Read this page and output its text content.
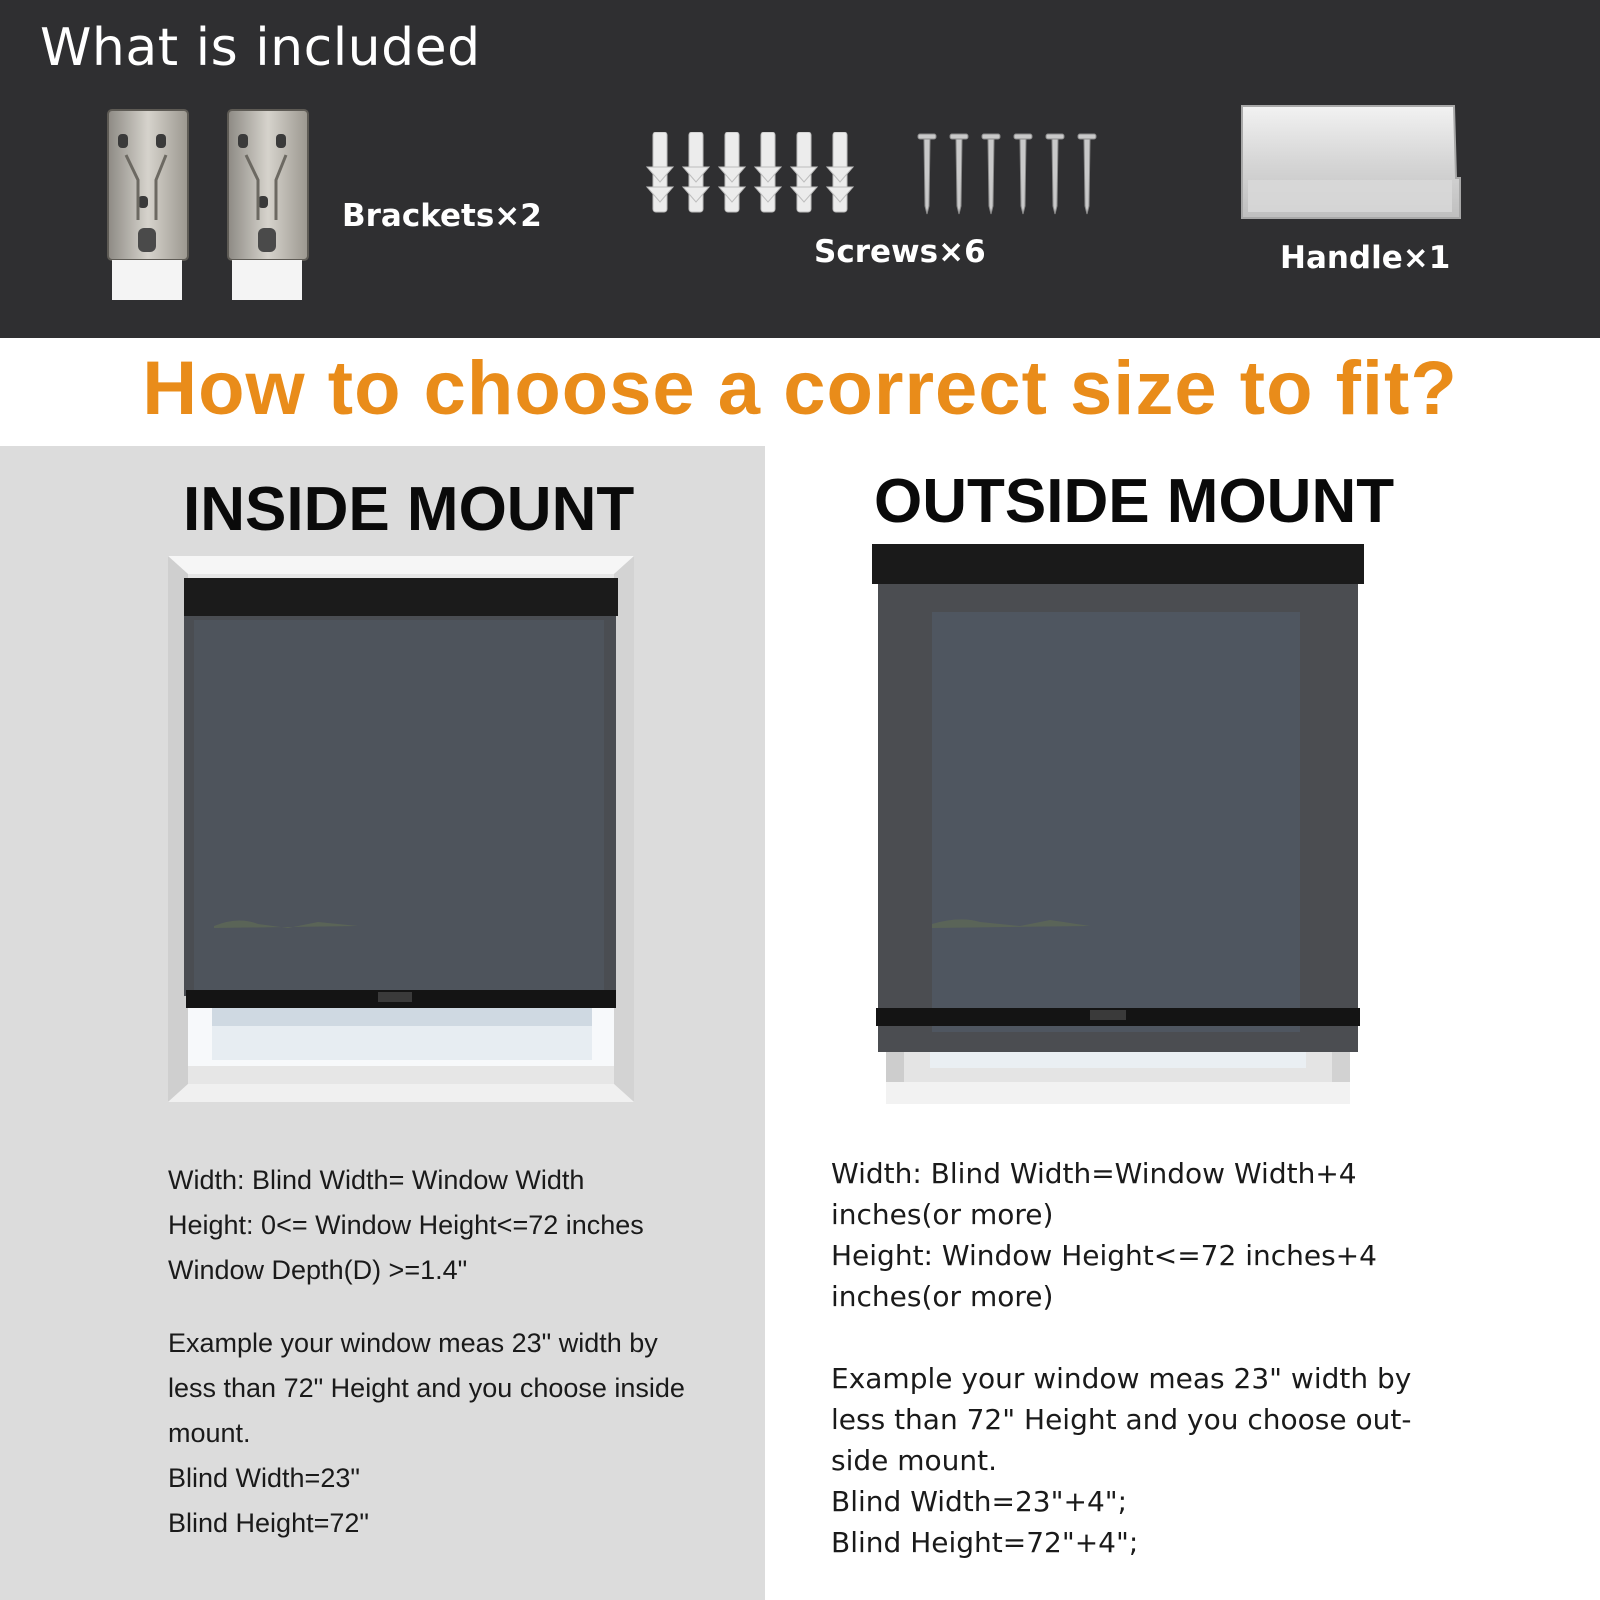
What is included
Brackets×2
Screws×6	Handle×1
How to choose a correct size to fit?
INSIDE MOUNT
Width: Blind Width= Window Width
Height: 0<= Window Height<=72 inches
Window Depth(D) >=1.4"
Example your window meas 23" width by
less than 72" Height and you choose inside
mount.
Blind Width=23"
Blind Height=72"
OUTSIDE MOUNT
Width: Blind Width=Window Width+4
inches(or more)
Height: Window Height<=72 inches+4
inches(or more)
Example your window meas 23" width by
less than 72" Height and you choose out-
side mount.
Blind Width=23"+4";
Blind Height=72"+4";
